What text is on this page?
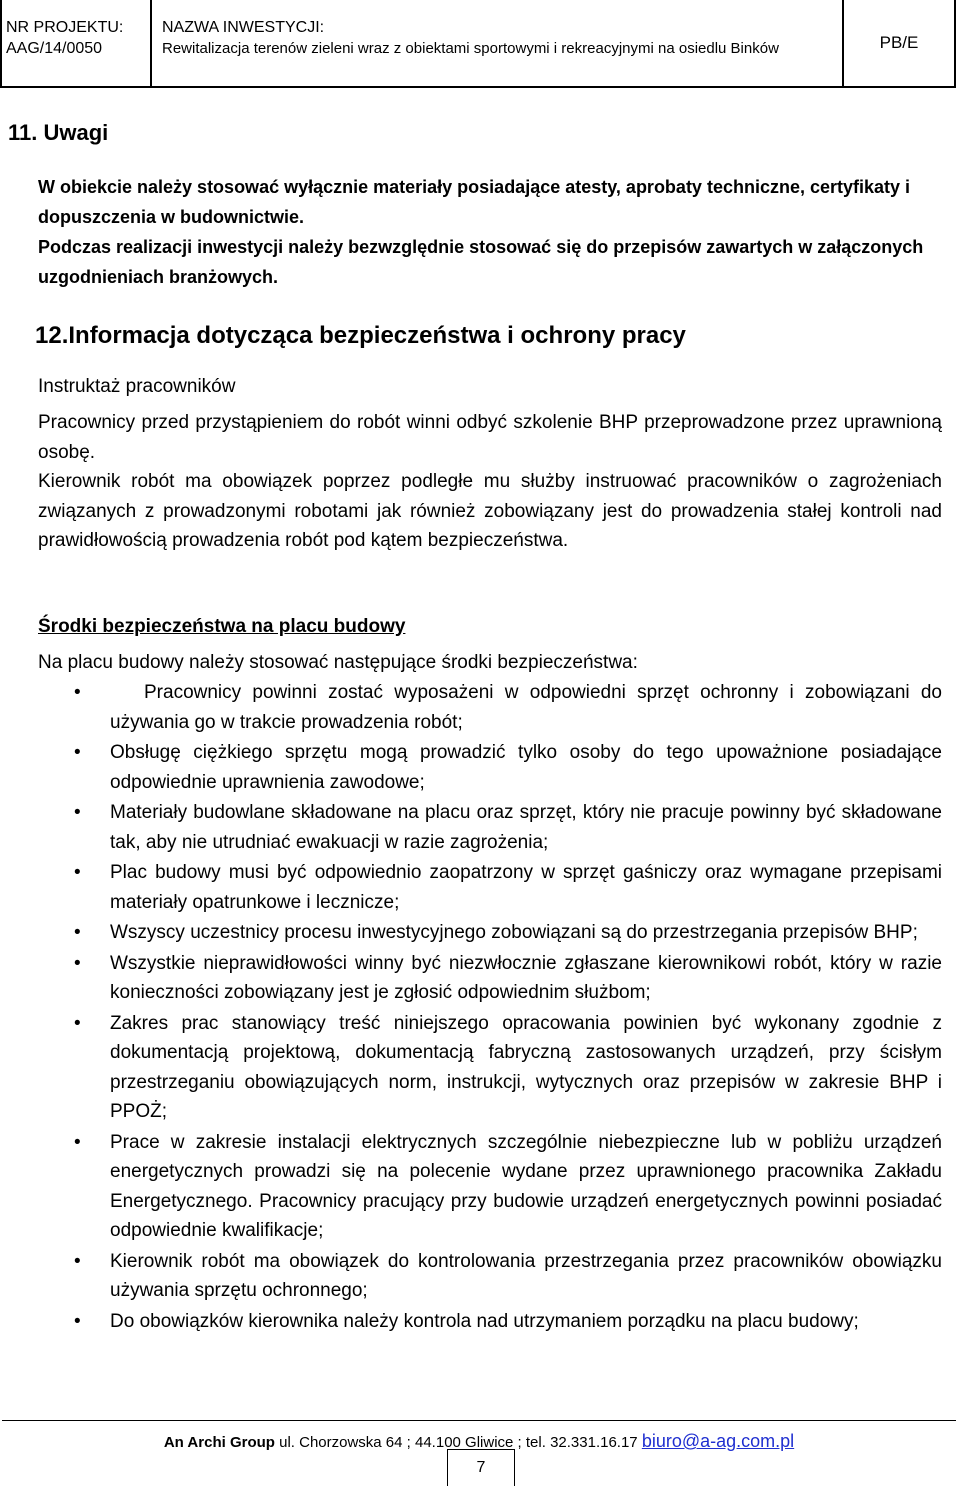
NR PROJEKTU:
AAG/14/0050
NAZWA INWESTYCJI:
Rewitalizacja terenów zieleni wraz z obiektami sportowymi i rekreacyjnymi na osiedlu Binków	PB/E
11. Uwagi
W obiekcie należy stosować wyłącznie materiały posiadające atesty, aprobaty techniczne, certyfikaty i dopuszczenia w budownictwie.
Podczas realizacji inwestycji należy bezwzględnie stosować się do przepisów zawartych w załączonych uzgodnieniach branżowych.
12.Informacja dotycząca bezpieczeństwa i ochrony pracy
Instruktaż pracowników
Pracownicy przed przystąpieniem do robót winni odbyć szkolenie BHP przeprowadzone przez uprawnioną osobę.
Kierownik robót ma obowiązek poprzez podległe mu służby instruować pracowników o zagrożeniach związanych z prowadzonymi robotami jak również zobowiązany jest do prowadzenia stałej kontroli nad prawidłowością prowadzenia robót pod kątem bezpieczeństwa.
Środki bezpieczeństwa na placu budowy
Na placu budowy należy stosować następujące środki bezpieczeństwa:
•	Pracownicy powinni zostać wyposażeni w odpowiedni sprzęt ochronny i zobowiązani do używania go w trakcie prowadzenia robót;
• Obsługę ciężkiego sprzętu mogą prowadzić tylko osoby do tego upoważnione posiadające odpowiednie uprawnienia zawodowe;
• Materiały budowlane składowane na placu oraz sprzęt, który nie pracuje powinny być składowane tak, aby nie utrudniać ewakuacji w razie zagrożenia;
• Plac budowy musi być odpowiednio zaopatrzony w sprzęt gaśniczy oraz wymagane przepisami materiały opatrunkowe i lecznicze;
• Wszyscy uczestnicy procesu inwestycyjnego zobowiązani są do przestrzegania przepisów BHP;
• Wszystkie nieprawidłowości winny być niezwłocznie zgłaszane kierownikowi robót, który w razie konieczności zobowiązany jest je zgłosić odpowiednim służbom;
• Zakres prac stanowiący treść niniejszego opracowania powinien być wykonany zgodnie z dokumentacją projektową, dokumentacją fabryczną zastosowanych urządzeń, przy ścisłym przestrzeganiu obowiązujących norm, instrukcji, wytycznych oraz przepisów w zakresie BHP i PPOŻ;
• Prace w zakresie instalacji elektrycznych szczególnie niebezpieczne lub w pobliżu urządzeń energetycznych prowadzi się na polecenie wydane przez uprawnionego pracownika Zakładu Energetycznego. Pracownicy pracujący przy budowie urządzeń energetycznych powinni posiadać odpowiednie kwalifikacje;
• Kierownik robót ma obowiązek do kontrolowania przestrzegania przez pracowników obowiązku używania sprzętu ochronnego;
• Do obowiązków kierownika należy kontrola nad utrzymaniem porządku na placu budowy;
An Archi Group ul. Chorzowska 64 ; 44.100 Gliwice ; tel. 32.331.16.17 biuro@a-ag.com.pl
7
